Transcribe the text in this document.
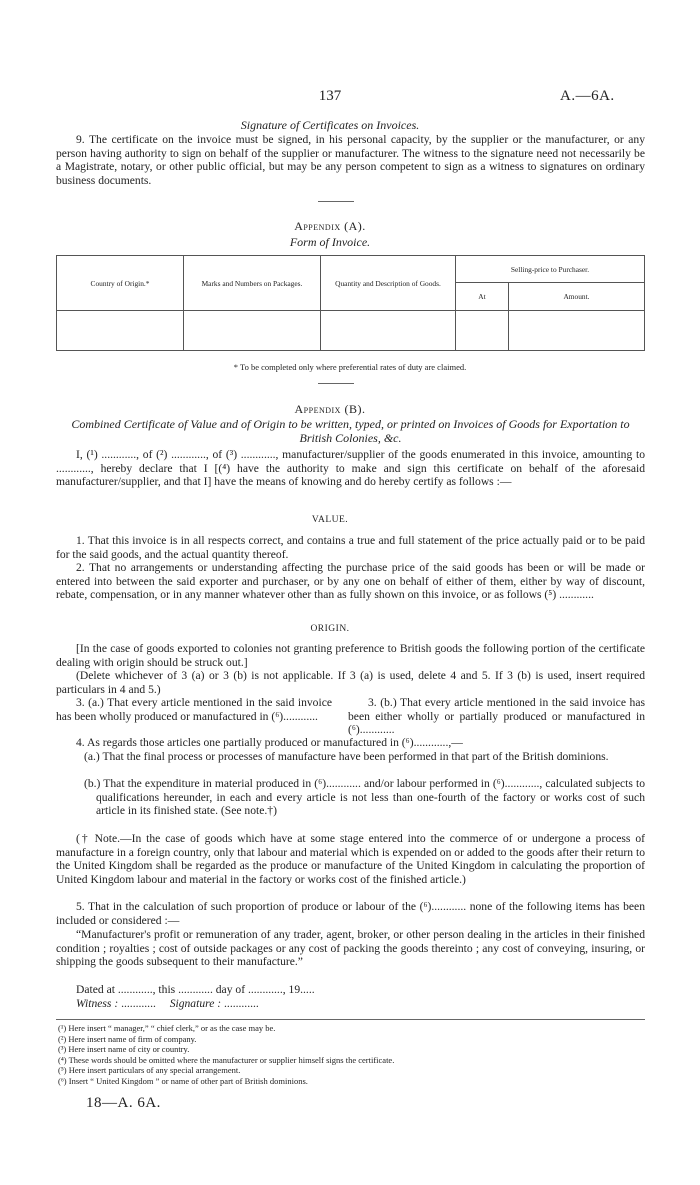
137	A.—6A.

Signature of Certificates on Invoices.

9. The certificate on the invoice must be signed, in his personal capacity, by the supplier or the manufacturer, or any person having authority to sign on behalf of the supplier or manufacturer. The witness to the signature need not necessarily be a Magistrate, notary, or other public official, but may be any person competent to sign as a witness to signatures on ordinary business documents.

Appendix (A).

Form of Invoice.

Country of Origin.*	Marks and Numbers on Packages.	Quantity and Description of Goods.	Selling-price to Purchaser.	
			At	Amount.

* To be completed only where preferential rates of duty are claimed.

Appendix (B).

Combined Certificate of Value and of Origin to be written, typed, or printed on Invoices of Goods for Exportation to British Colonies, &c.

I, (¹) ............, of (²) ............, of (³) ............, manufacturer/supplier of the goods enumerated in this invoice, amounting to ............, hereby declare that I [(⁴) have the authority to make and sign this certificate on behalf of the aforesaid manufacturer/supplier, and that I] have the means of knowing and do hereby certify as follows :—

VALUE.

1. That this invoice is in all respects correct, and contains a true and full statement of the price actually paid or to be paid for the said goods, and the actual quantity thereof.

2. That no arrangements or understanding affecting the purchase price of the said goods has been or will be made or entered into between the said exporter and purchaser, or by any one on behalf of either of them, either by way of discount, rebate, compensation, or in any manner whatever other than as fully shown on this invoice, or as follows (⁵) ............

ORIGIN.

[In the case of goods exported to colonies not granting preference to British goods the following portion of the certificate dealing with origin should be struck out.]

(Delete whichever of 3 (a) or 3 (b) is not applicable. If 3 (a) is used, delete 4 and 5. If 3 (b) is used, insert required particulars in 4 and 5.)

3. (a.) That every article mentioned in the said invoice has been wholly produced or manufactured in (⁶)............

3. (b.) That every article mentioned in the said invoice has been either wholly or partially produced or manufactured in (⁶)............

4. As regards those articles one partially produced or manufactured in (⁶)............,—

(a.) That the final process or processes of manufacture have been performed in that part of the British dominions.

(b.) That the expenditure in material produced in (⁶)............ and/or labour performed in (⁶)............, calculated subjects to qualifications hereunder, in each and every article is not less than one-fourth of the factory or works cost of such article in its finished state. (See note.†)

(† Note.—In the case of goods which have at some stage entered into the commerce of or undergone a process of manufacture in a foreign country, only that labour and material which is expended on or added to the goods after their return to the United Kingdom shall be regarded as the produce or manufacture of the United Kingdom in calculating the proportion of United Kingdom labour and material in the factory or works cost of the finished article.)

5. That in the calculation of such proportion of produce or labour of the (⁶)............ none of the following items has been included or considered :—

“Manufacturer's profit or remuneration of any trader, agent, broker, or other person dealing in the articles in their finished condition ; royalties ; cost of outside packages or any cost of packing the goods thereinto ; any cost of conveying, insuring, or shipping the goods subsequent to their manufacture.”

Dated at ............, this ............ day of ............, 19.....

Witness : ............ Signature : ............

(¹) Here insert “ manager,” “ chief clerk,” or as the case may be.

(²) Here insert name of firm of company.

(³) Here insert name of city or country.

(⁴) These words should be omitted where the manufacturer or supplier himself signs the certificate.

(⁵) Here insert particulars of any special arrangement.

(⁶) Insert “ United Kingdom ” or name of other part of British dominions.

18—A. 6A.
